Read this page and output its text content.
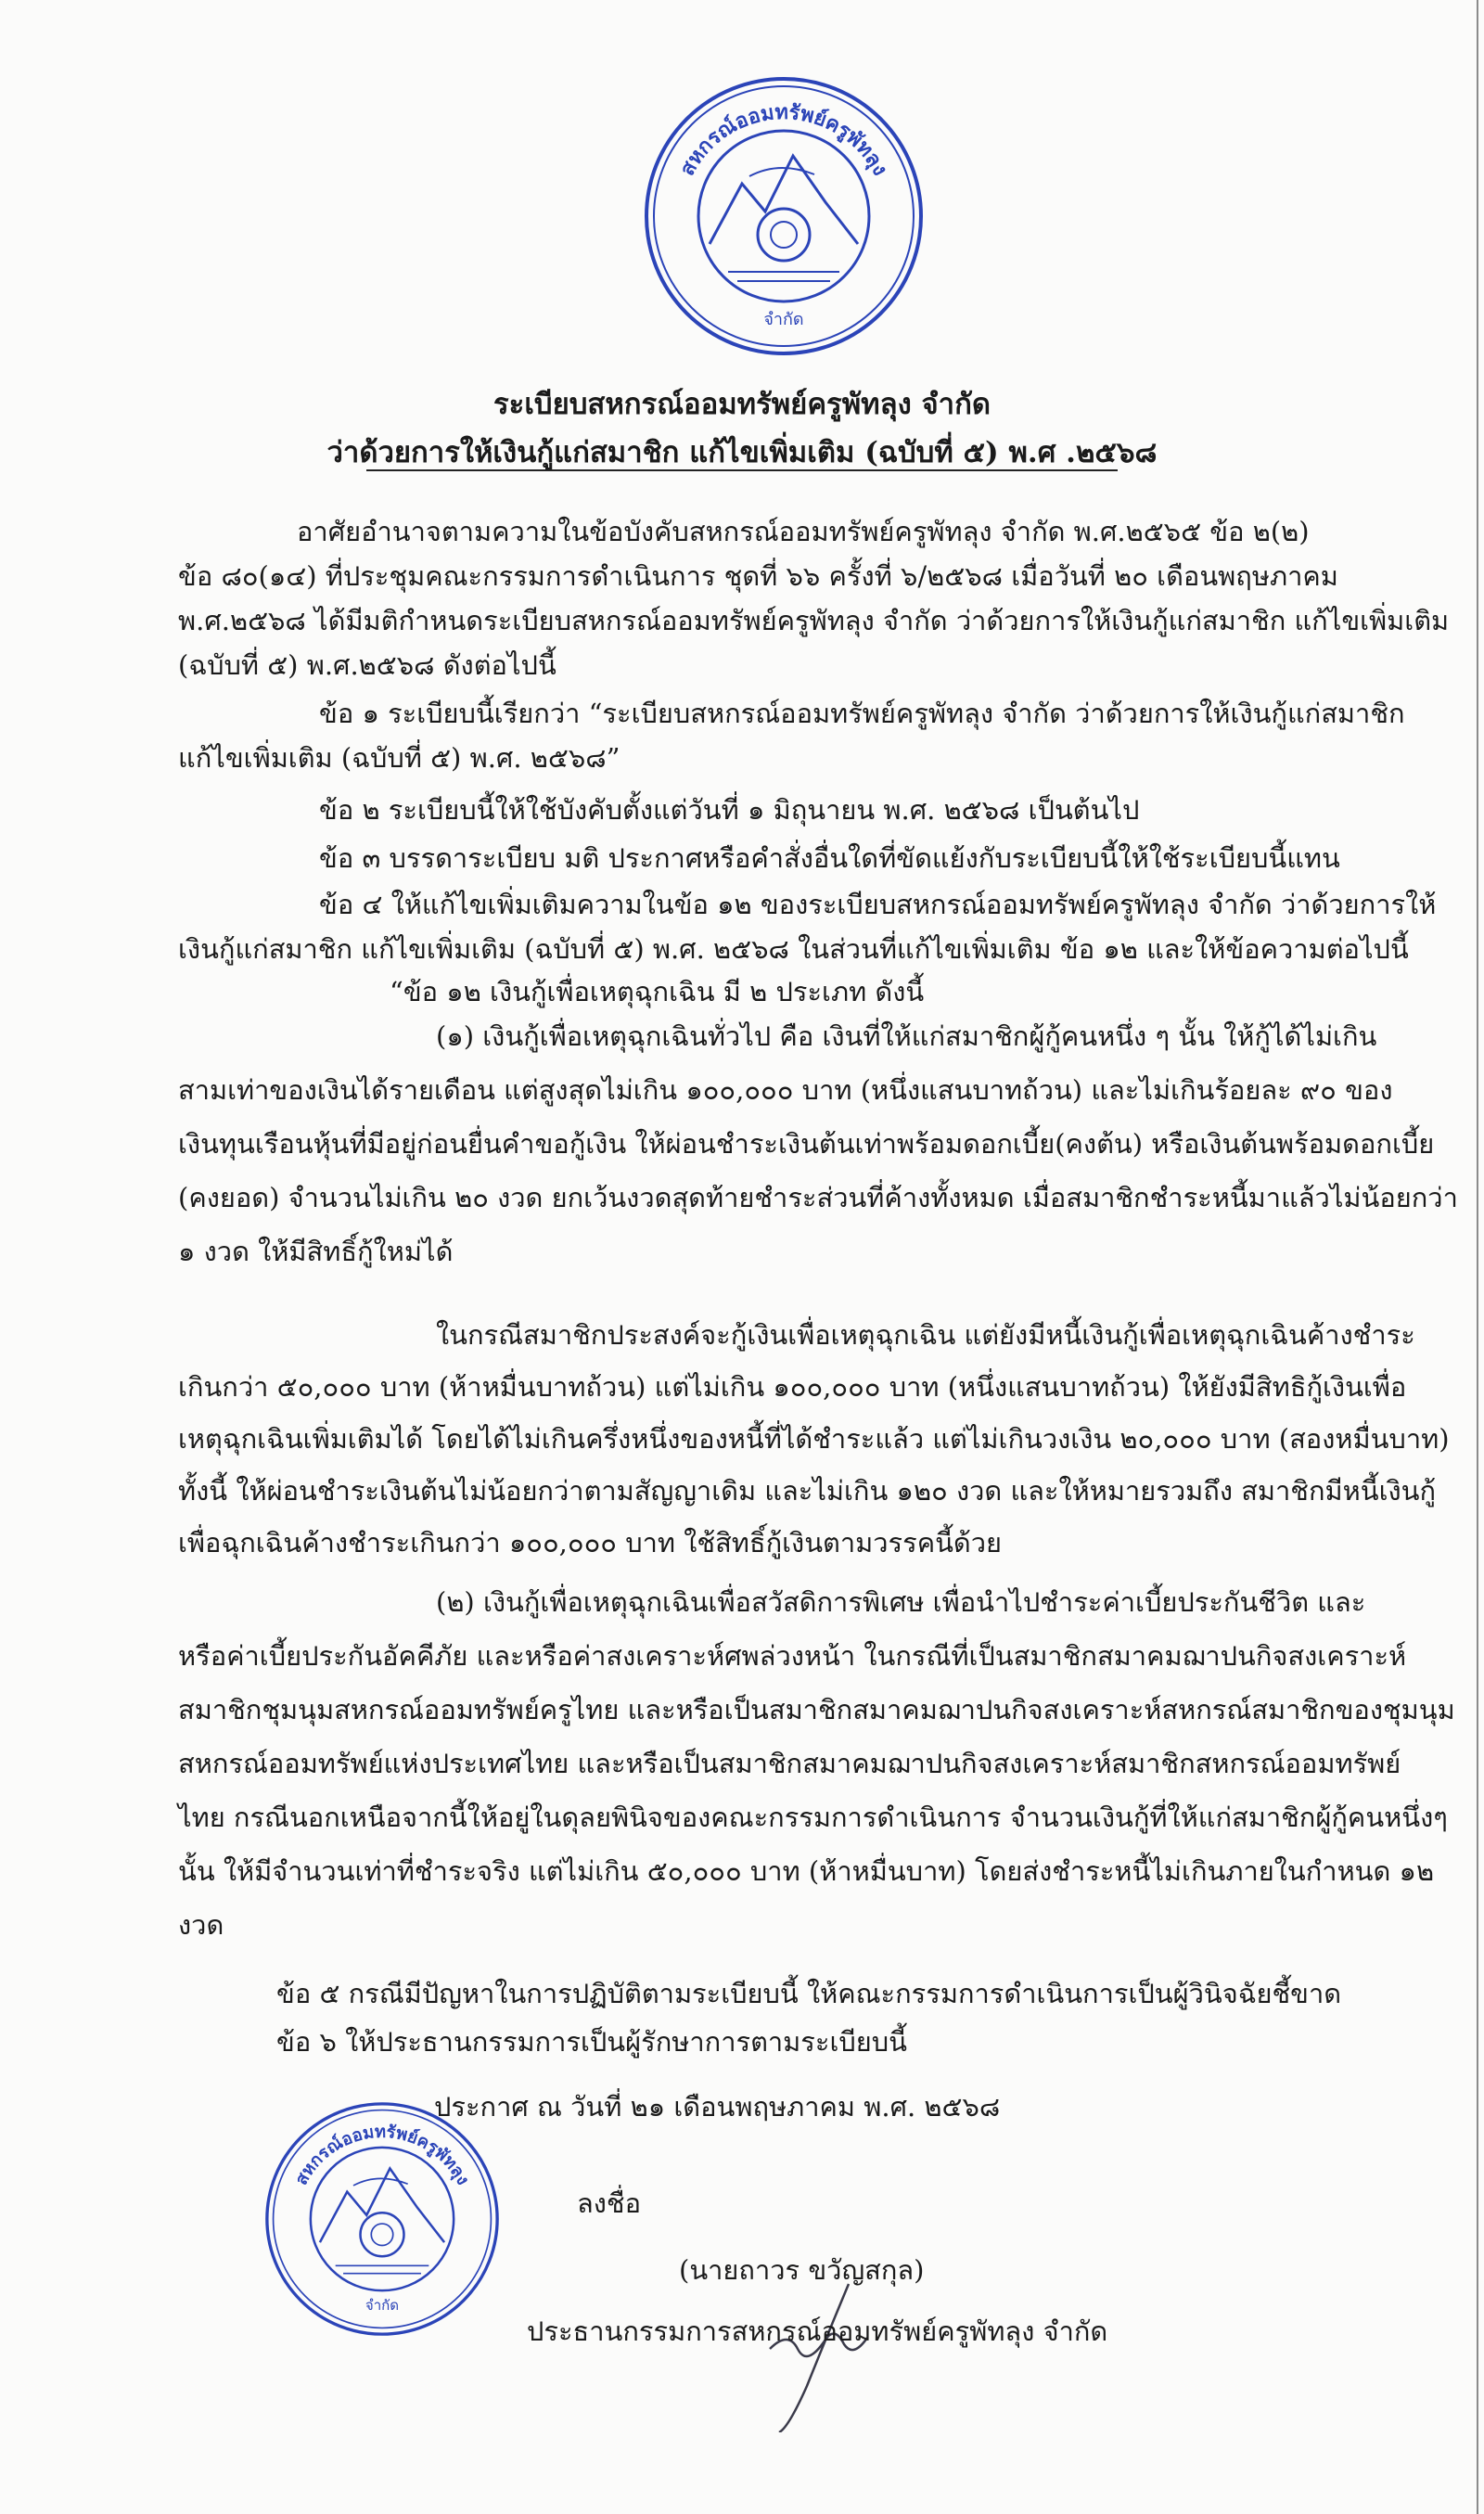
สหกรณ์ออมทรัพย์ครูพัทลุง
จำกัด
ระเบียบสหกรณ์ออมทรัพย์ครูพัทลุง จำกัด
ว่าด้วยการให้เงินกู้แก่สมาชิก แก้ไขเพิ่มเติม (ฉบับที่ ๕) พ.ศ .๒๕๖๘
อาศัยอำนาจตามความในข้อบังคับสหกรณ์ออมทรัพย์ครูพัทลุง จำกัด พ.ศ.๒๕๖๕ ข้อ ๒(๒)
ข้อ ๘๐(๑๔) ที่ประชุมคณะกรรมการดำเนินการ ชุดที่ ๖๖ ครั้งที่ ๖/๒๕๖๘ เมื่อวันที่ ๒๐ เดือนพฤษภาคม
พ.ศ.๒๕๖๘ ได้มีมติกำหนดระเบียบสหกรณ์ออมทรัพย์ครูพัทลุง จำกัด ว่าด้วยการให้เงินกู้แก่สมาชิก แก้ไขเพิ่มเติม
(ฉบับที่ ๕) พ.ศ.๒๕๖๘ ดังต่อไปนี้
ข้อ ๑ ระเบียบนี้เรียกว่า “ระเบียบสหกรณ์ออมทรัพย์ครูพัทลุง จำกัด ว่าด้วยการให้เงินกู้แก่สมาชิก
แก้ไขเพิ่มเติม (ฉบับที่ ๕) พ.ศ. ๒๕๖๘”
ข้อ ๒ ระเบียบนี้ให้ใช้บังคับตั้งแต่วันที่ ๑ มิถุนายน พ.ศ. ๒๕๖๘ เป็นต้นไป
ข้อ ๓ บรรดาระเบียบ มติ ประกาศหรือคำสั่งอื่นใดที่ขัดแย้งกับระเบียบนี้ให้ใช้ระเบียบนี้แทน
ข้อ ๔ ให้แก้ไขเพิ่มเติมความในข้อ ๑๒ ของระเบียบสหกรณ์ออมทรัพย์ครูพัทลุง จำกัด ว่าด้วยการให้
เงินกู้แก่สมาชิก แก้ไขเพิ่มเติม (ฉบับที่ ๕) พ.ศ. ๒๕๖๘ ในส่วนที่แก้ไขเพิ่มเติม ข้อ ๑๒ และให้ข้อความต่อไปนี้
“ข้อ ๑๒ เงินกู้เพื่อเหตุฉุกเฉิน มี ๒ ประเภท ดังนี้
(๑) เงินกู้เพื่อเหตุฉุกเฉินทั่วไป คือ เงินที่ให้แก่สมาชิกผู้กู้คนหนึ่ง ๆ นั้น ให้กู้ได้ไม่เกิน
สามเท่าของเงินได้รายเดือน แต่สูงสุดไม่เกิน ๑๐๐,๐๐๐ บาท (หนึ่งแสนบาทถ้วน) และไม่เกินร้อยละ ๙๐ ของ
เงินทุนเรือนหุ้นที่มีอยู่ก่อนยื่นคำขอกู้เงิน ให้ผ่อนชำระเงินต้นเท่าพร้อมดอกเบี้ย(คงต้น) หรือเงินต้นพร้อมดอกเบี้ย
(คงยอด) จำนวนไม่เกิน ๒๐ งวด ยกเว้นงวดสุดท้ายชำระส่วนที่ค้างทั้งหมด เมื่อสมาชิกชำระหนี้มาแล้วไม่น้อยกว่า
๑ งวด ให้มีสิทธิ์กู้ใหม่ได้
ในกรณีสมาชิกประสงค์จะกู้เงินเพื่อเหตุฉุกเฉิน แต่ยังมีหนี้เงินกู้เพื่อเหตุฉุกเฉินค้างชำระ
เกินกว่า ๕๐,๐๐๐ บาท (ห้าหมื่นบาทถ้วน) แต่ไม่เกิน ๑๐๐,๐๐๐ บาท (หนึ่งแสนบาทถ้วน) ให้ยังมีสิทธิกู้เงินเพื่อ
เหตุฉุกเฉินเพิ่มเติมได้ โดยได้ไม่เกินครึ่งหนึ่งของหนี้ที่ได้ชำระแล้ว แต่ไม่เกินวงเงิน ๒๐,๐๐๐ บาท (สองหมื่นบาท)
ทั้งนี้ ให้ผ่อนชำระเงินต้นไม่น้อยกว่าตามสัญญาเดิม และไม่เกิน ๑๒๐ งวด และให้หมายรวมถึง สมาชิกมีหนี้เงินกู้
เพื่อฉุกเฉินค้างชำระเกินกว่า ๑๐๐,๐๐๐ บาท ใช้สิทธิ์กู้เงินตามวรรคนี้ด้วย
(๒) เงินกู้เพื่อเหตุฉุกเฉินเพื่อสวัสดิการพิเศษ เพื่อนำไปชำระค่าเบี้ยประกันชีวิต และ
หรือค่าเบี้ยประกันอัคคีภัย และหรือค่าสงเคราะห์ศพล่วงหน้า ในกรณีที่เป็นสมาชิกสมาคมฌาปนกิจสงเคราะห์
สมาชิกชุมนุมสหกรณ์ออมทรัพย์ครูไทย และหรือเป็นสมาชิกสมาคมฌาปนกิจสงเคราะห์สหกรณ์สมาชิกของชุมนุม
สหกรณ์ออมทรัพย์แห่งประเทศไทย และหรือเป็นสมาชิกสมาคมฌาปนกิจสงเคราะห์สมาชิกสหกรณ์ออมทรัพย์
ไทย กรณีนอกเหนือจากนี้ให้อยู่ในดุลยพินิจของคณะกรรมการดำเนินการ จำนวนเงินกู้ที่ให้แก่สมาชิกผู้กู้คนหนึ่งๆ
นั้น ให้มีจำนวนเท่าที่ชำระจริง แต่ไม่เกิน ๕๐,๐๐๐ บาท (ห้าหมื่นบาท) โดยส่งชำระหนี้ไม่เกินภายในกำหนด ๑๒
งวด
ข้อ ๕ กรณีมีปัญหาในการปฏิบัติตามระเบียบนี้ ให้คณะกรรมการดำเนินการเป็นผู้วินิจฉัยชี้ขาด
ข้อ ๖ ให้ประธานกรรมการเป็นผู้รักษาการตามระเบียบนี้
ประกาศ ณ วันที่ ๒๑ เดือนพฤษภาคม พ.ศ. ๒๕๖๘
สหกรณ์ออมทรัพย์ครูพัทลุง
จำกัด
ลงชื่อ
(นายถาวร ขวัญสกุล)
ประธานกรรมการสหกรณ์ออมทรัพย์ครูพัทลุง จำกัด
